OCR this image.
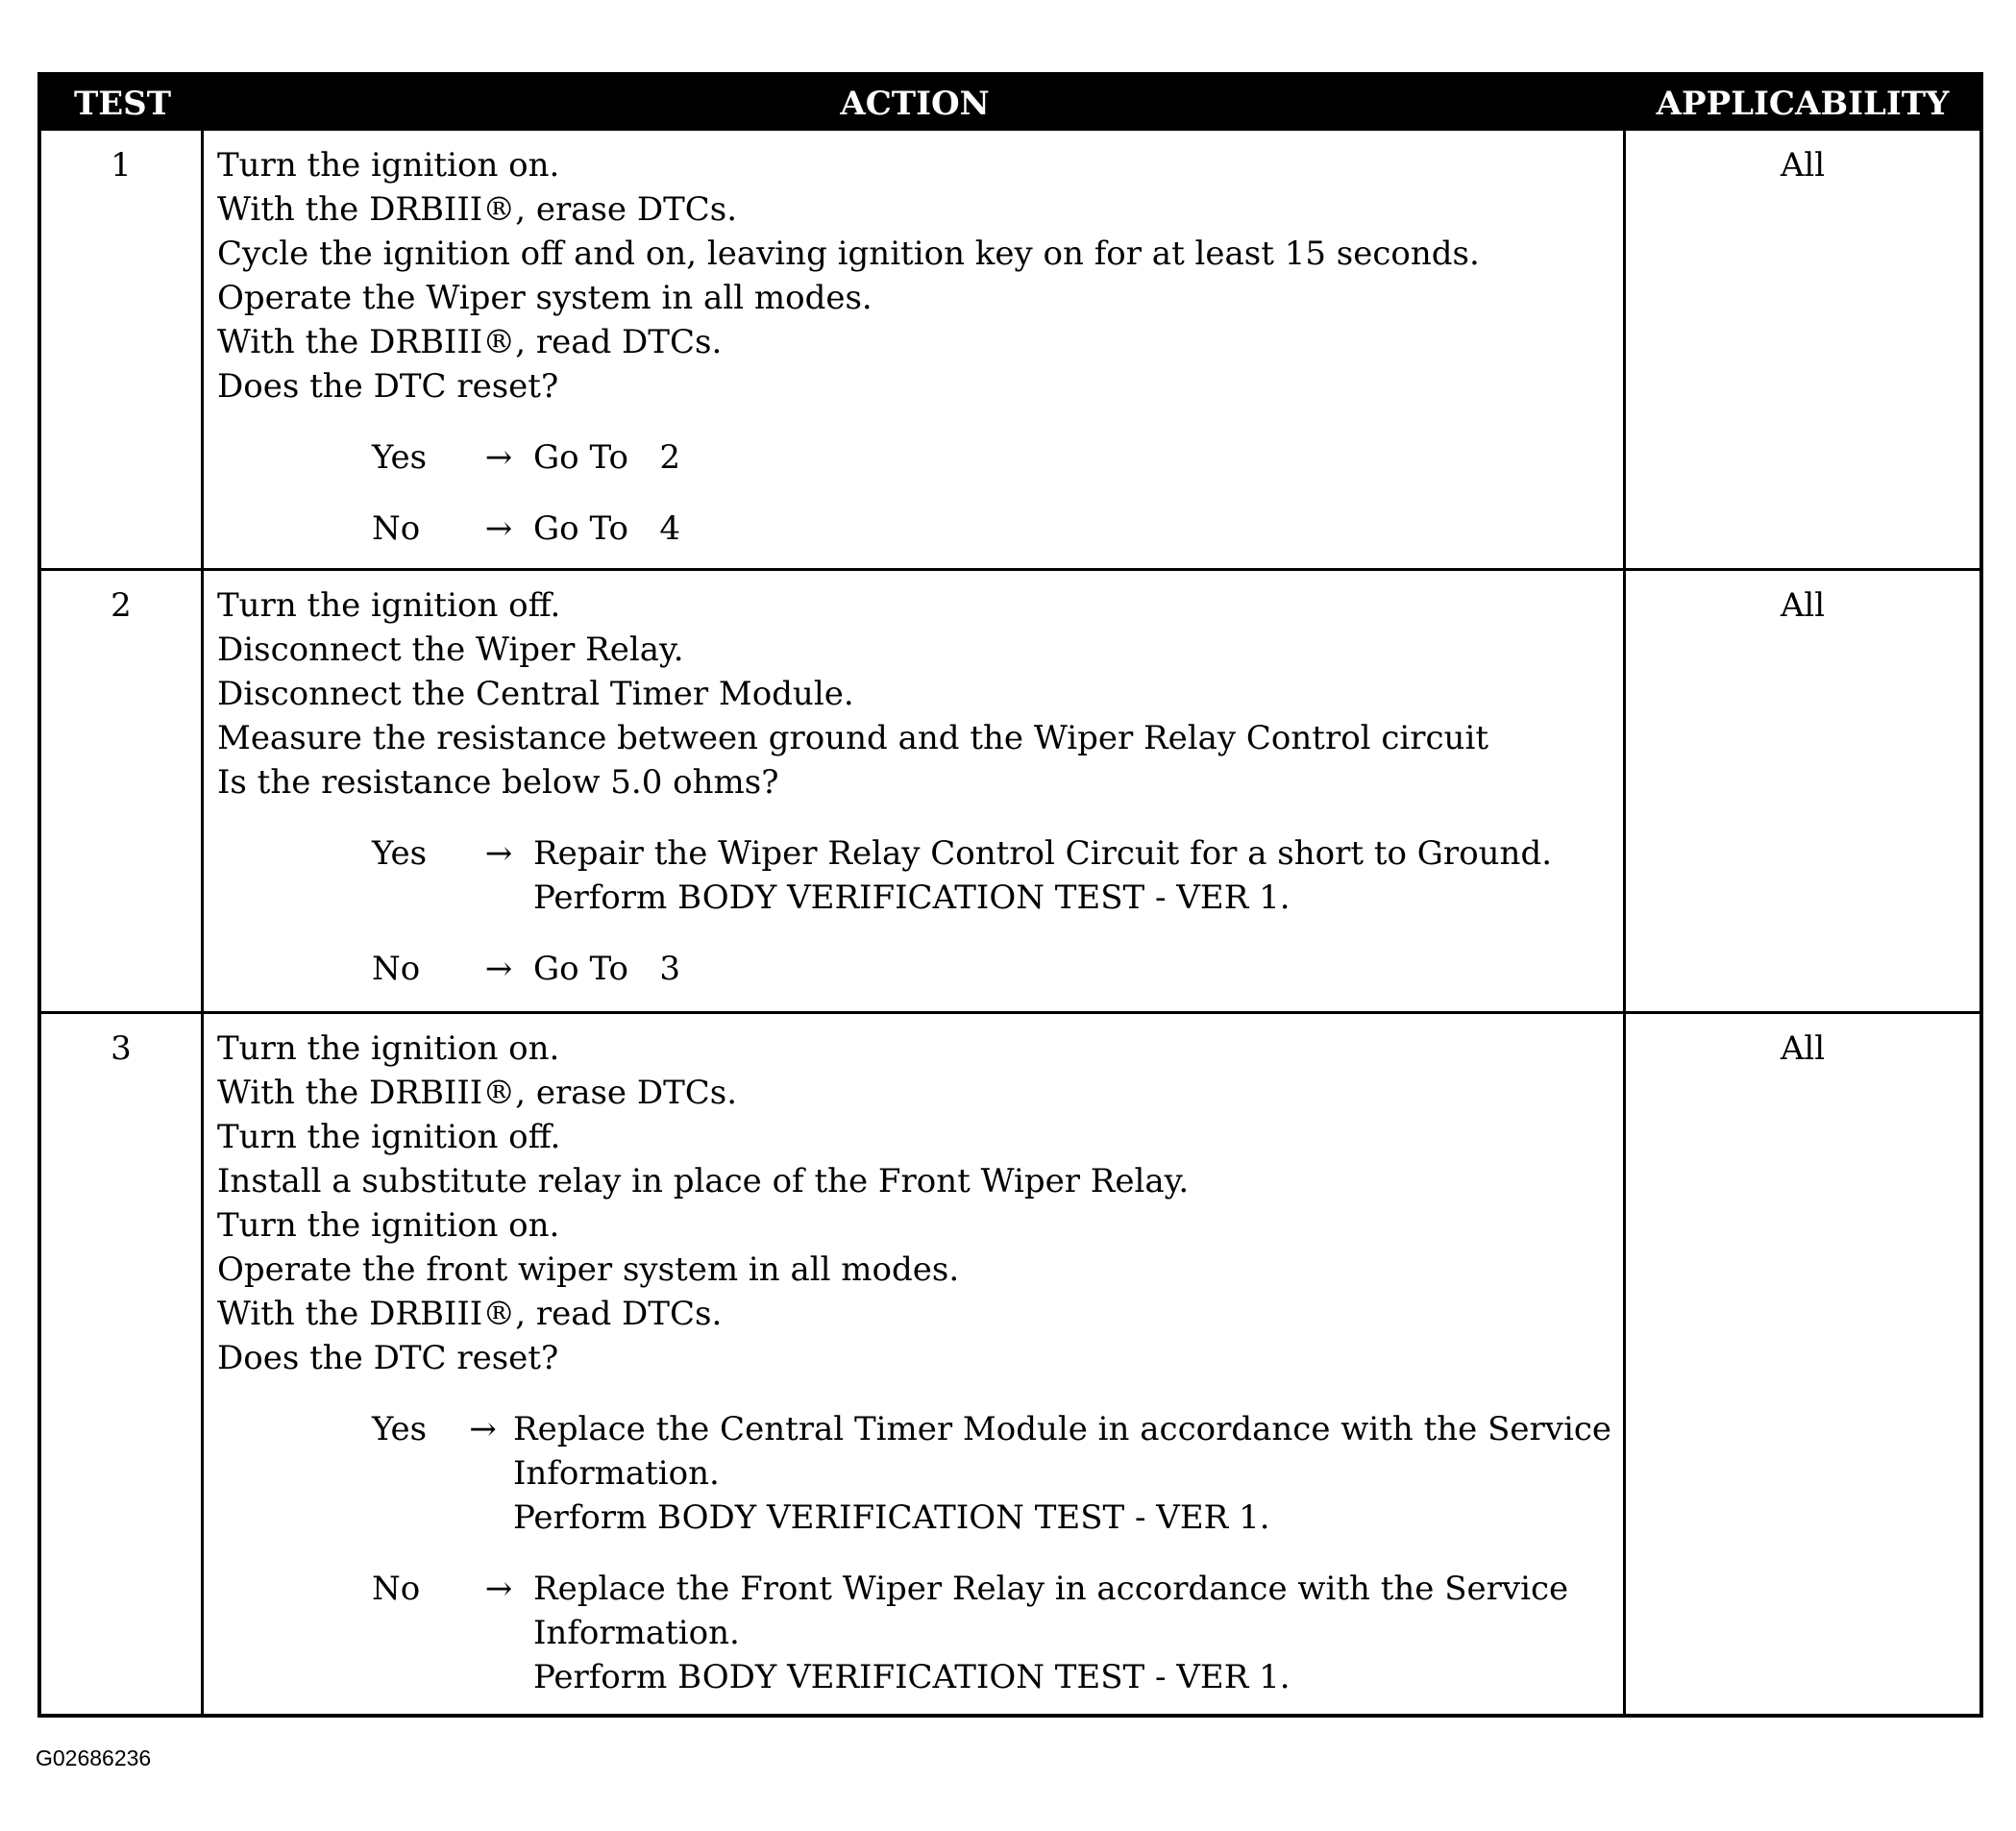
TEST	ACTION	APPLICABILITY
1	Turn the ignition on.
With the DRBIII®, erase DTCs.
Cycle the ignition off and on, leaving ignition key on for at least 15 seconds.
Operate the Wiper system in all modes.
With the DRBIII®, read DTCs.
Does the DTC reset?
Yes	→ Go To   2
No	→ Go To   4
All
2	Turn the ignition off.
Disconnect the Wiper Relay.
Disconnect the Central Timer Module.
Measure the resistance between ground and the Wiper Relay Control circuit
Is the resistance below 5.0 ohms?
Yes	→ Repair the Wiper Relay Control Circuit for a short to Ground.
Perform BODY VERIFICATION TEST - VER 1.
No	→ Go To   3
All
3	Turn the ignition on.
With the DRBIII®, erase DTCs.
Turn the ignition off.
Install a substitute relay in place of the Front Wiper Relay.
Turn the ignition on.
Operate the front wiper system in all modes.
With the DRBIII®, read DTCs.
Does the DTC reset?
Yes	→ Replace the Central Timer Module in accordance with the Service
Information.
Perform BODY VERIFICATION TEST - VER 1.
No	→ Replace the Front Wiper Relay in accordance with the Service
Information.
Perform BODY VERIFICATION TEST - VER 1.
All
G02686236
